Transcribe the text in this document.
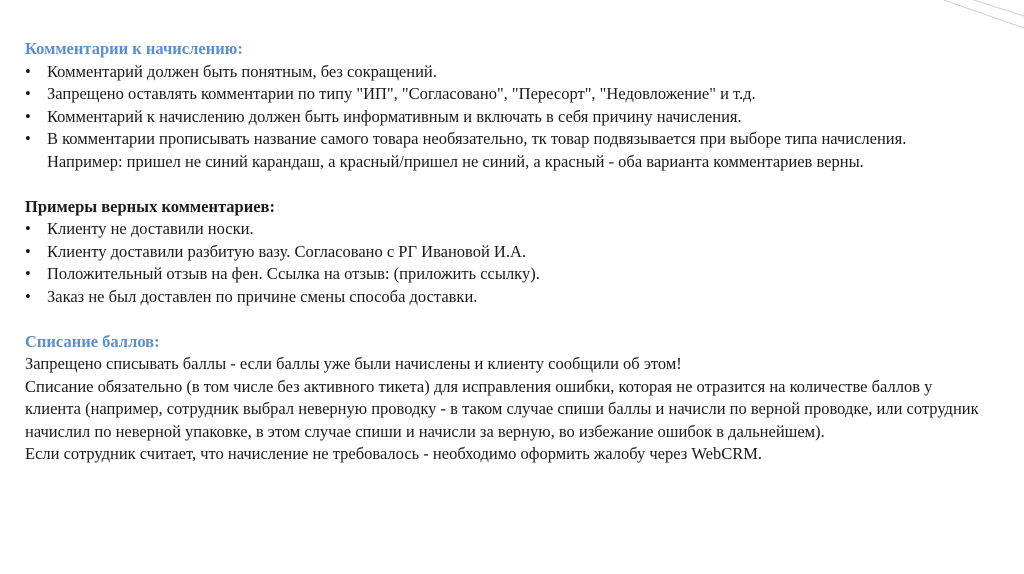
Комментарии к начислению:
• Комментарий должен быть понятным, без сокращений.
• Запрещено оставлять комментарии по типу "ИП", "Согласовано", "Пересорт", "Недовложение" и т.д.
• Комментарий к начислению должен быть информативным и включать в себя причину начисления.
• В комментарии прописывать название самого товара необязательно, тк товар подвязывается при выборе типа начисления. Например: пришел не синий карандаш, а красный/пришел не синий, а красный - оба варианта комментариев верны.
Примеры верных комментариев:
• Клиенту не доставили носки.
• Клиенту доставили разбитую вазу. Согласовано с РГ Ивановой И.А.
• Положительный отзыв на фен. Ссылка на отзыв: (приложить ссылку).
• Заказ не был доставлен по причине смены способа доставки.
Списание баллов:

Запрещено списывать баллы - если баллы уже были начислены и клиенту сообщили об этом!

Списание обязательно (в том числе без активного тикета) для исправления ошибки, которая не отразится на количестве баллов у клиента (например, сотрудник выбрал неверную проводку - в таком случае спиши баллы и начисли по верной проводке, или сотрудник начислил по неверной упаковке, в этом случае спиши и начисли за верную, во избежание ошибок в дальнейшем).

Если сотрудник считает, что начисление не требовалось - необходимо оформить жалобу через WebCRM.
